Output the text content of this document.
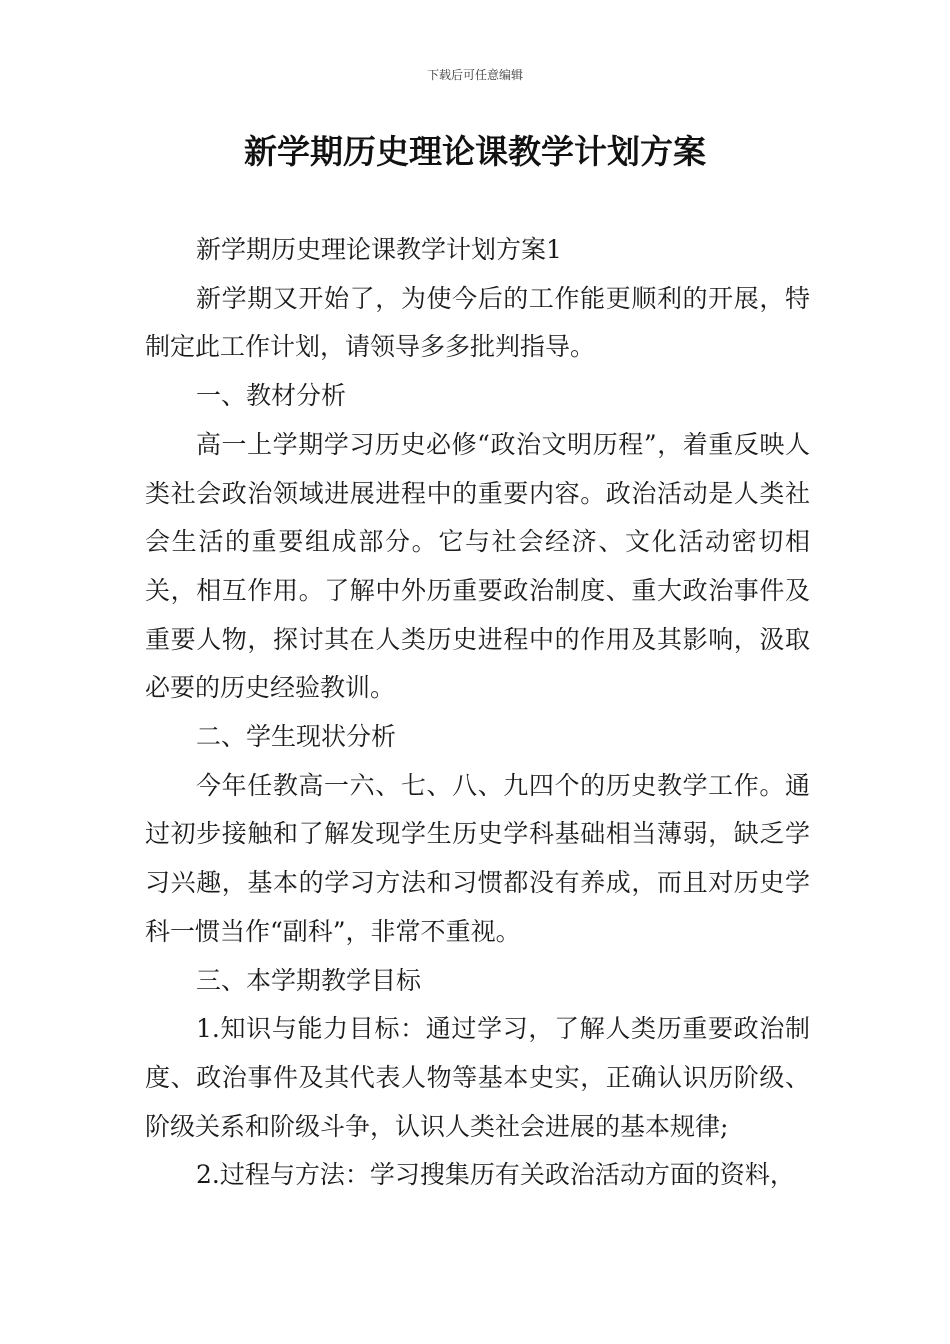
下载后可任意编辑
新学期历史理论课教学计划方案

新学期历史理论课教学计划方案1

新学期又开始了，为使今后的工作能更顺利的开展，特制定此工作计划，请领导多多批判指导。

一、教材分析

高一上学期学习历史必修“政治文明历程”，着重反映人类社会政治领域进展进程中的重要内容。政治活动是人类社会生活的重要组成部分。它与社会经济、文化活动密切相关，相互作用。了解中外历重要政治制度、重大政治事件及重要人物，探讨其在人类历史进程中的作用及其影响，汲取必要的历史经验教训。

二、学生现状分析

今年任教高一六、七、八、九四个的历史教学工作。通过初步接触和了解发现学生历史学科基础相当薄弱，缺乏学习兴趣，基本的学习方法和习惯都没有养成，而且对历史学科一惯当作“副科”，非常不重视。

三、本学期教学目标

1.知识与能力目标：通过学习，了解人类历重要政治制度、政治事件及其代表人物等基本史实，正确认识历阶级、阶级关系和阶级斗争，认识人类社会进展的基本规律;

2.过程与方法：学习搜集历有关政治活动方面的资料，
